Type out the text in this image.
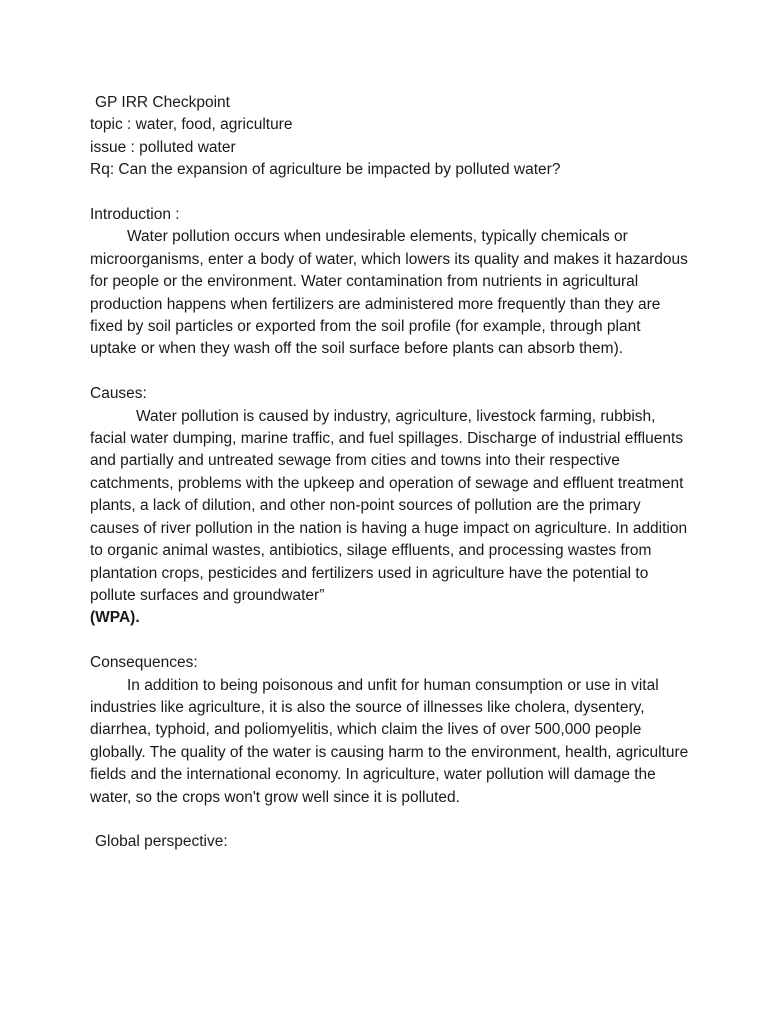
GP IRR Checkpoint
topic : water, food, agriculture
issue : polluted water
Rq: Can the expansion of agriculture be impacted by polluted water?
Introduction :

Water pollution occurs when undesirable elements, typically chemicals or microorganisms, enter a body of water, which lowers its quality and makes it hazardous for people or the environment. Water contamination from nutrients in agricultural production happens when fertilizers are administered more frequently than they are fixed by soil particles or exported from the soil profile (for example, through plant uptake or when they wash off the soil surface before plants can absorb them).

Causes:

Water pollution is caused by industry, agriculture, livestock farming, rubbish, facial water dumping, marine traffic, and fuel spillages. Discharge of industrial effluents and partially and untreated sewage from cities and towns into their respective catchments, problems with the upkeep and operation of sewage and effluent treatment plants, a lack of dilution, and other non-point sources of pollution are the primary causes of river pollution in the nation is having a huge impact on agriculture. In addition to organic animal wastes, antibiotics, silage effluents, and processing wastes from plantation crops, pesticides and fertilizers used in agriculture have the potential to pollute surfaces and groundwater”

(WPA).
Consequences:

In addition to being poisonous and unfit for human consumption or use in vital industries like agriculture, it is also the source of illnesses like cholera, dysentery, diarrhea, typhoid, and poliomyelitis, which claim the lives of over 500,000 people globally. The quality of the water is causing harm to the environment, health, agriculture fields and the international economy. In agriculture, water pollution will damage the water, so the crops won't grow well since it is polluted.

Global perspective:
